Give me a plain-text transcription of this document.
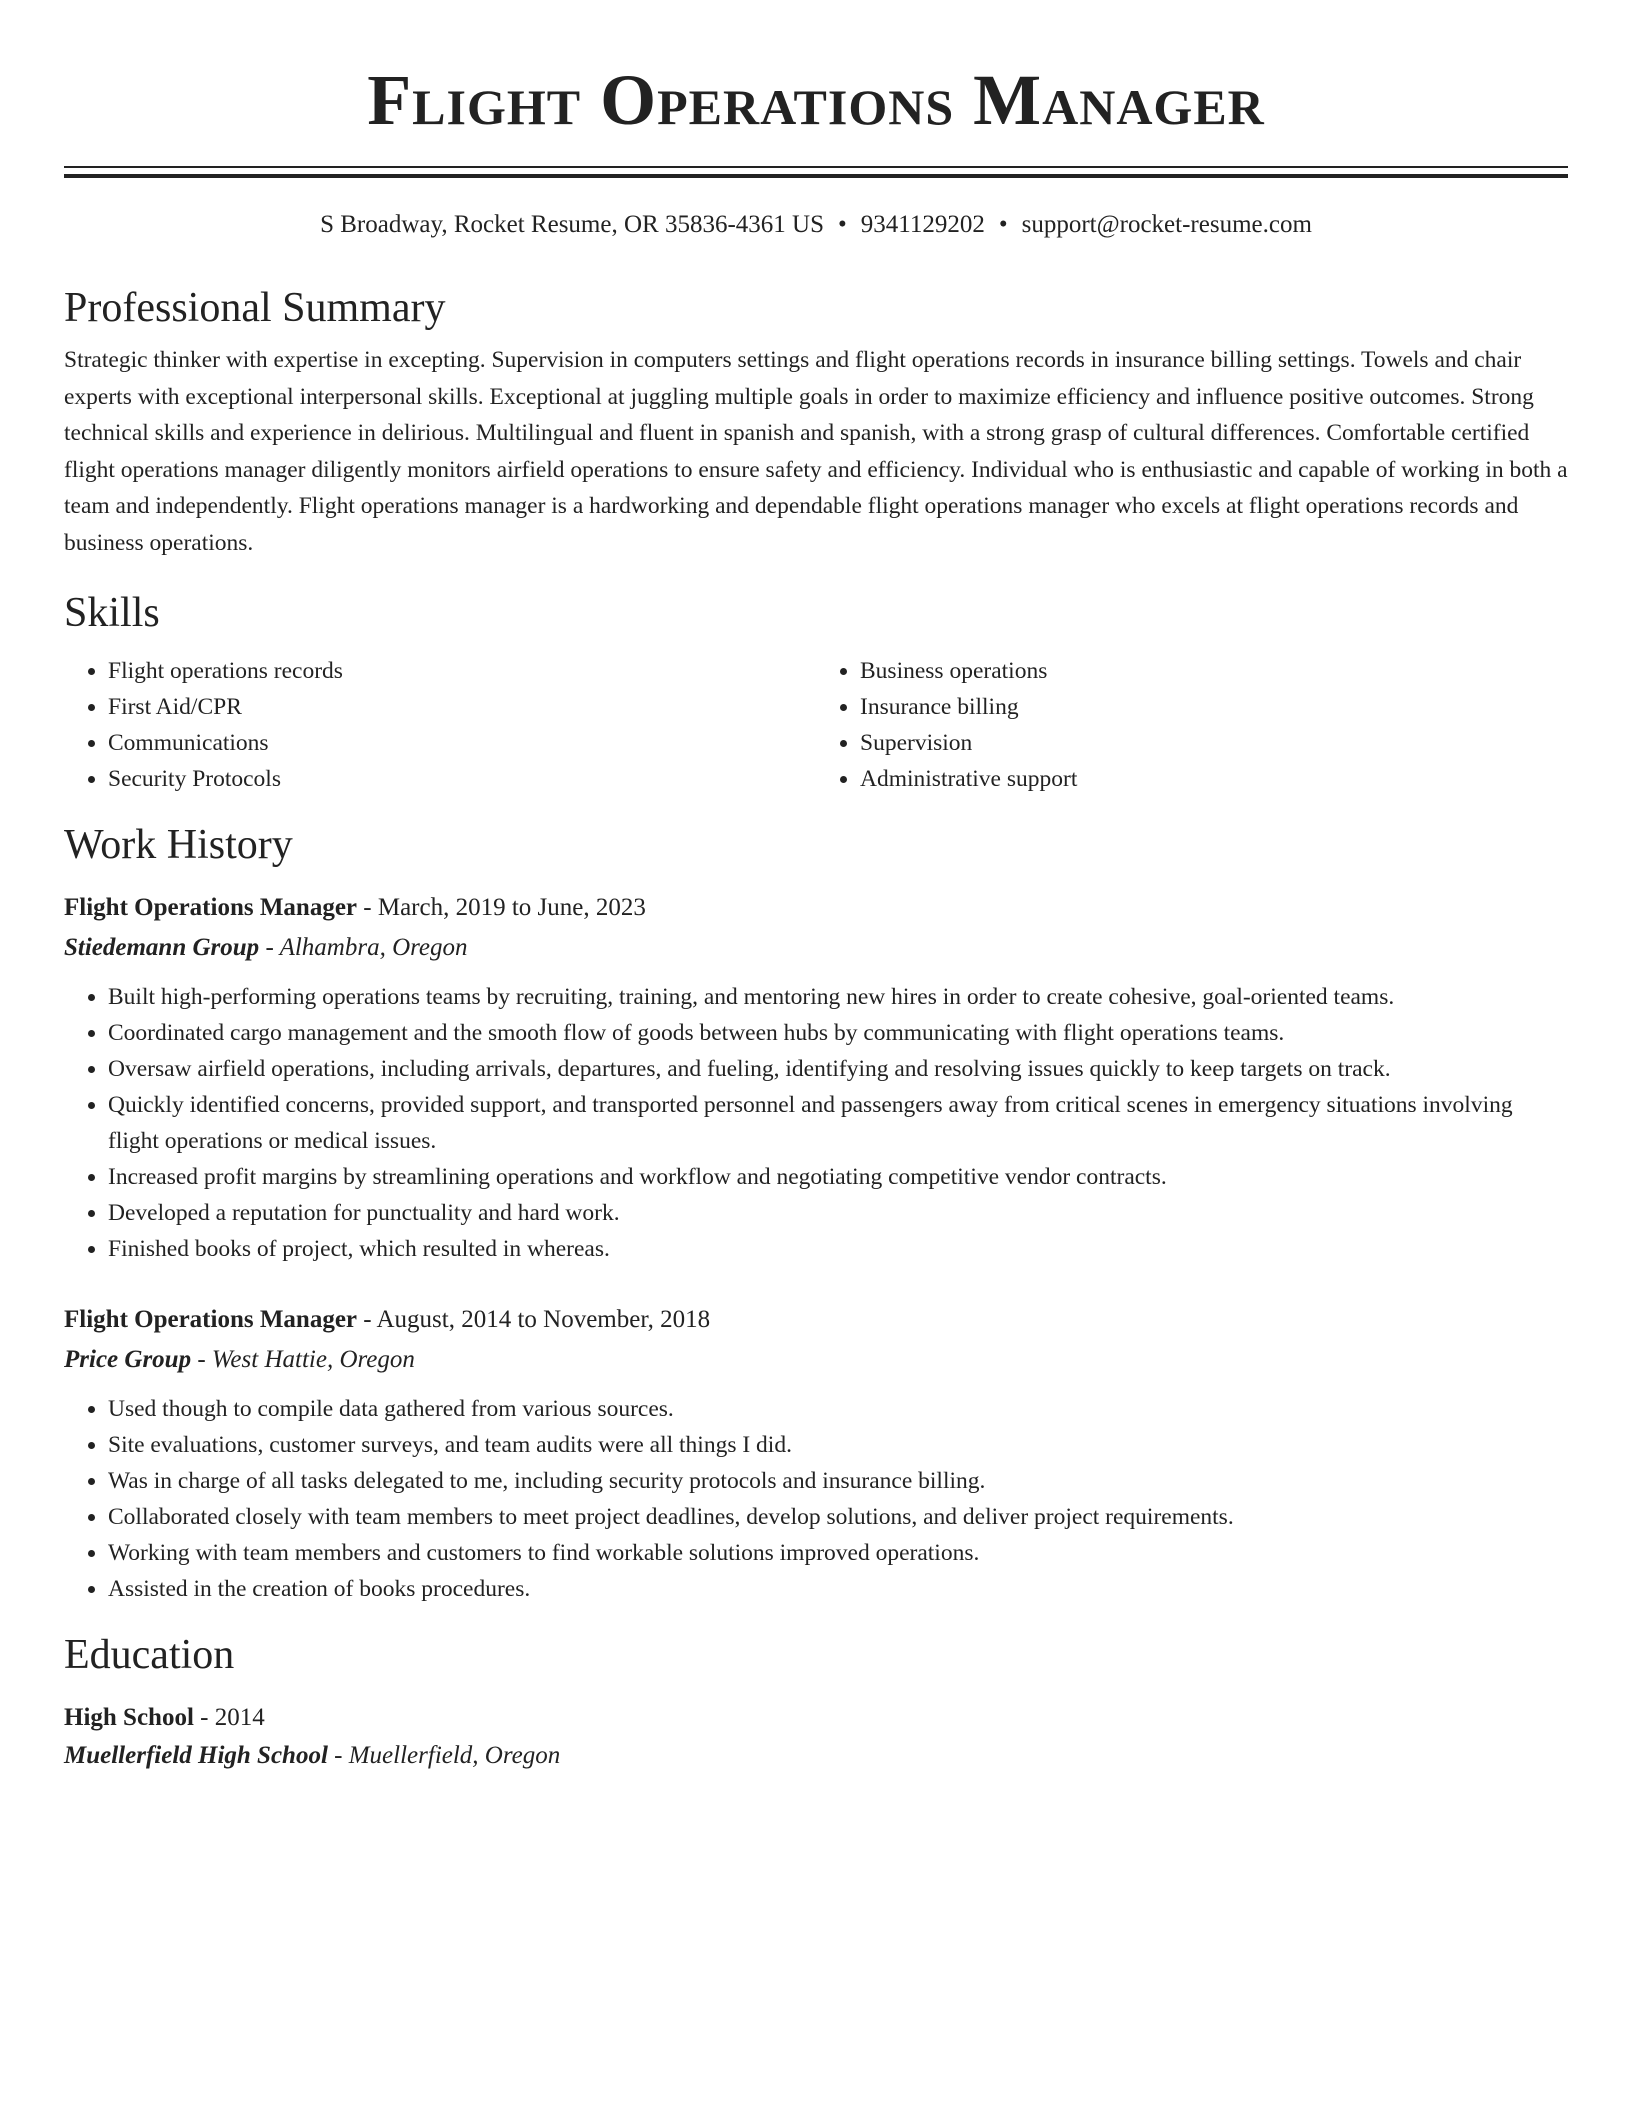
Flight Operations Manager
S Broadway, Rocket Resume, OR 35836-4361 US • 9341129202 • support@rocket-resume.com
Professional Summary

Strategic thinker with expertise in excepting. Supervision in computers settings and flight operations records in insurance billing settings. Towels and chair experts with exceptional interpersonal skills. Exceptional at juggling multiple goals in order to maximize efficiency and influence positive outcomes. Strong technical skills and experience in delirious. Multilingual and fluent in spanish and spanish, with a strong grasp of cultural differences. Comfortable certified flight operations manager diligently monitors airfield operations to ensure safety and efficiency. Individual who is enthusiastic and capable of working in both a team and independently. Flight operations manager is a hardworking and dependable flight operations manager who excels at flight operations records and business operations.

Skills
• Flight operations records
• First Aid/CPR
• Communications
• Security Protocols
• Business operations
• Insurance billing
• Supervision
• Administrative support
Work History
Flight Operations Manager - March, 2019 to June, 2023
Stiedemann Group - Alhambra, Oregon
• Built high-performing operations teams by recruiting, training, and mentoring new hires in order to create cohesive, goal-oriented teams.
• Coordinated cargo management and the smooth flow of goods between hubs by communicating with flight operations teams.
• Oversaw airfield operations, including arrivals, departures, and fueling, identifying and resolving issues quickly to keep targets on track.
• Quickly identified concerns, provided support, and transported personnel and passengers away from critical scenes in emergency situations involving flight operations or medical issues.
• Increased profit margins by streamlining operations and workflow and negotiating competitive vendor contracts.
• Developed a reputation for punctuality and hard work.
• Finished books of project, which resulted in whereas.
Flight Operations Manager - August, 2014 to November, 2018
Price Group - West Hattie, Oregon
• Used though to compile data gathered from various sources.
• Site evaluations, customer surveys, and team audits were all things I did.
• Was in charge of all tasks delegated to me, including security protocols and insurance billing.
• Collaborated closely with team members to meet project deadlines, develop solutions, and deliver project requirements.
• Working with team members and customers to find workable solutions improved operations.
• Assisted in the creation of books procedures.
Education
High School - 2014
Muellerfield High School - Muellerfield, Oregon
